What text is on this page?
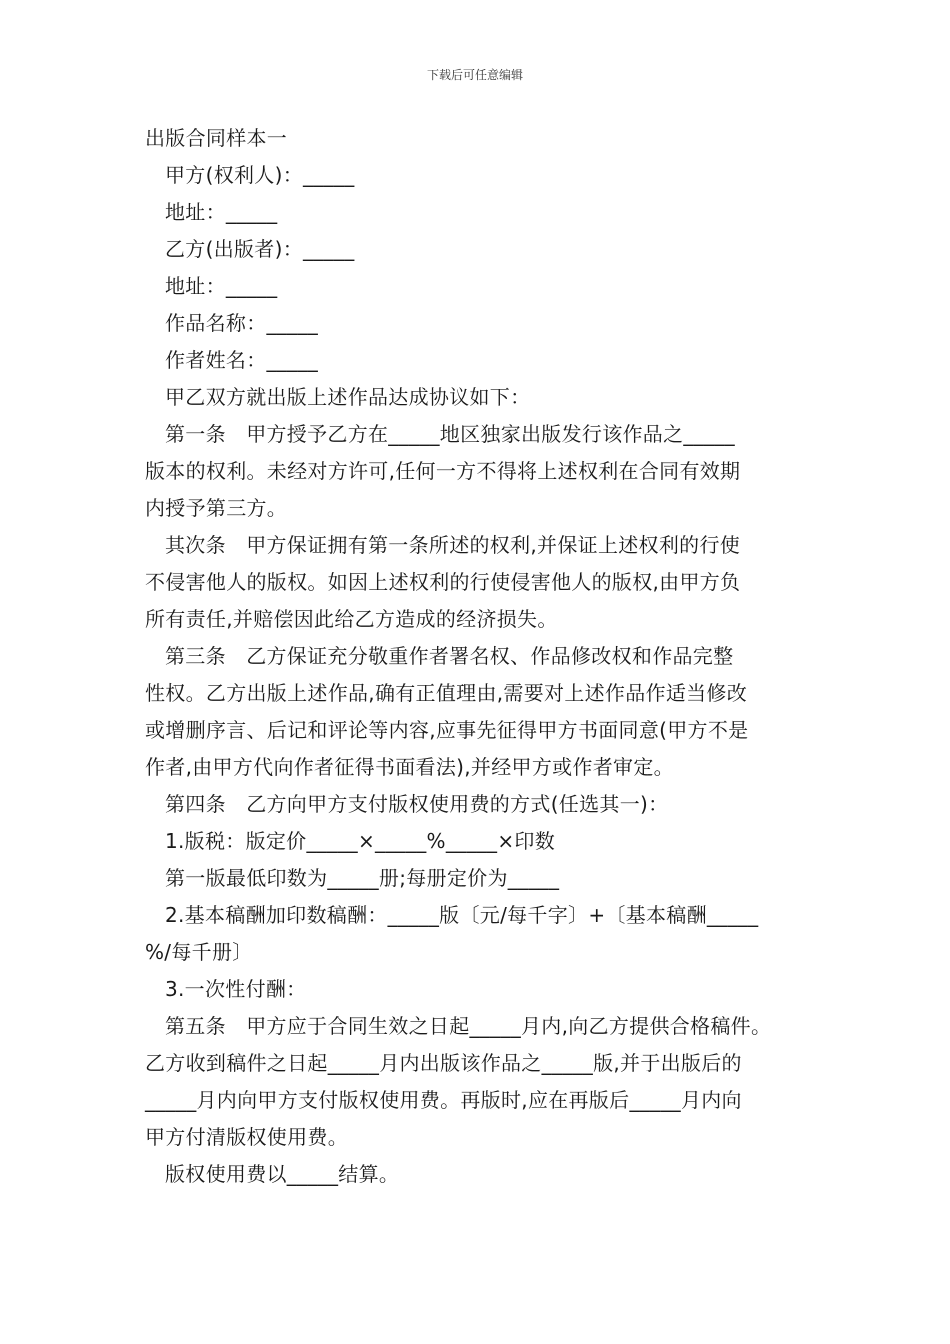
下载后可任意编辑
出版合同样本一
甲方(权利人)：_____
地址：_____
乙方(出版者)：_____
地址：_____
作品名称：_____
作者姓名：_____
甲乙双方就出版上述作品达成协议如下：
第一条　甲方授予乙方在_____地区独家出版发行该作品之_____
版本的权利。未经对方许可,任何一方不得将上述权利在合同有效期
内授予第三方。
其次条　甲方保证拥有第一条所述的权利,并保证上述权利的行使
不侵害他人的版权。如因上述权利的行使侵害他人的版权,由甲方负
所有责任,并赔偿因此给乙方造成的经济损失。
第三条　乙方保证充分敬重作者署名权、作品修改权和作品完整
性权。乙方出版上述作品,确有正值理由,需要对上述作品作适当修改
或增删序言、后记和评论等内容,应事先征得甲方书面同意(甲方不是
作者,由甲方代向作者征得书面看法),并经甲方或作者审定。
第四条　乙方向甲方支付版权使用费的方式(任选其一)：
1.版税：版定价_____×_____%_____×印数
第一版最低印数为_____册;每册定价为_____
2.基本稿酬加印数稿酬：_____版〔元/每千字〕+〔基本稿酬_____
%/每千册〕
3.一次性付酬：
第五条　甲方应于合同生效之日起_____月内,向乙方提供合格稿件。
乙方收到稿件之日起_____月内出版该作品之_____版,并于出版后的
_____月内向甲方支付版权使用费。再版时,应在再版后_____月内向
甲方付清版权使用费。
版权使用费以_____结算。
